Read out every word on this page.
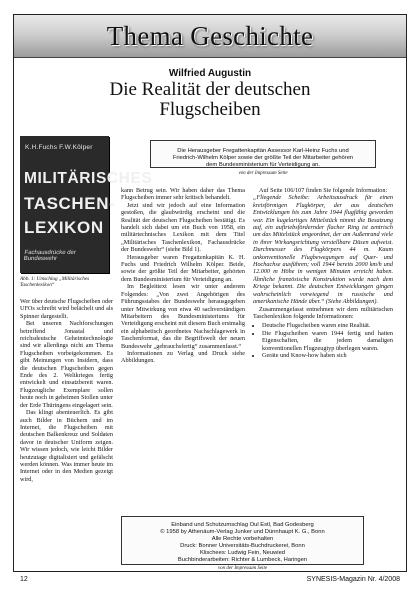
Thema Geschichte
Wilfried Augustin
Die Realität der deutschen
Flugscheiben
K.H.Fuchs F.W.Kölper
MILITÄRISCHES
TASCHEN-
LEXIKON
Fachausdrücke der Bundeswehr
Abb. 1: Umschlag „Militärisches Taschenlexikon“
Die Herausgeber Fregattenkapitän Assessor Karl-Heinz Fuchs und
Friedrich-Wilhelm Kölper sowie der größte Teil der Mitarbeiter gehören
dem Bundesministerium für Verteidigung an.
von der Impressum Seite

Wer über deutsche Flugscheiben oder UFOs schreibt wird belächelt und als Spinner dargestellt.

Bei unseren Nachforschungen betreffend Jonastal und reichsdeutsche Geheimtechnologie sind wir allerdings nicht am Thema Flugscheiben vorbeigekommen. Es gibt Meinungen von Insidern, dass die deutschen Flugscheiben gegen Ende des 2. Weltkrieges fertig entwickelt und einsatzbereit waren. Flugzeugliche Exemplare sollen heute noch in geheimen Stollen unter der Erde Thüringens eingelagert sein.

Das klingt abenteuerlich. Es gibt auch Bilder in Büchern und im Internet, die Flugscheiben mit deutschen Balkenkreuz und Soldaten davor in deutscher Uniform zeigen. Wir wissen jedoch, wie leicht Bilder heutzutage digitalisiert und gefälscht werden können. Was immer heute im Internet oder in den Medien gezeigt wird,

kann Betrug sein. Wir haben daher das Thema Flugscheiben immer sehr kritisch behandelt.

Jetzt sind wir jedoch auf eine Information gestoßen, die glaubwürdig erscheint und die Realität der deutschen Flugscheiben bestätigt. Es handelt sich dabei um ein Buch von 1958, ein militärtechnisches Lexikon mit dem Titel „Militärisches Taschenlexikon, Fachausdrücke der Bundeswehr“ (siehe Bild 1).

Herausgeber waren Fregattenkapitän K. H. Fuchs und Friedrich Wilhelm Kölper. Beide, sowie der größte Teil der Mitarbeiter, gehörten dem Bundesministerium für Verteidigung an.

Im Begleittext lesen wir unter anderem Folgendes: „Von zwei Angehörigen des Führungsstabes der Bundeswehr herausgegeben unter Mitwirkung von etwa 40 sachverständigen Mitarbeitern des Bundesministeriums für Verteidigung erscheint mit diesem Buch erstmalig ein alphabetisch geordnetes Nachschlagewerk in Taschenformat, das die Begriffswelt der neuen Bundeswehr „gebrauchsfertig“ zusammenfasst.“

Informationen zu Verlag und Druck siehe Abbildungen.

Auf Seite 106/107 finden Sie folgende Information:

„Fliegende Scheibe: Arbeitsausdruck für einen kreisförmigen Flugkörper, der aus deutschen Entwicklungen bis zum Jahre 1944 flugfähig geworden war. Ein kugelartiges Mittelstück nimmt die Besatzung auf, ein auftriebsfördernder flacher Ring ist zentrisch um das Mittelstück angeordnet, der am Außenrand viele in ihrer Wirkungsrichtung verstellbare Düsen aufweist. Durchmesser des Flugkörpers 44 m. Kaum unkonventionelle Flugbewegungen auf Quer- und Hochachse ausführen; voll 1944 bereits 2000 km/h und 12.000 m Höhe in wenigen Minuten erreicht haben. Ähnliche französische Konstruktion wurde nach dem Kriege bekannt. Die deutschen Entwicklungen gingen wahrscheinlich vorwiegend in russische und amerikanische Hände über.“ (Siehe Abbildungen).

Zusammengefasst entnehmen wir dem militärischen Taschenlexikon folgende Informationen:

• Deutsche Flugscheiben waren eine Realität.
• Die Flugscheiben waren 1944 fertig und hatten Eigenschaften, die jedem damaligen konventionellen Flugzeugtyp überlegen waren.
• Geräte und Know-how haben sich
Einband und Schutzumschlag Oul Estl, Bad Godesberg
© 1958 by Athenäum-Verlag Junker und Dünnhaupt K. G., Bonn
Alle Rechte vorbehalten
Druck: Bonner Universitäts-Buchdruckerei, Bonn
Klischees: Ludwig Fein, Neuwied
Buchbinderarbeiten: Richter & Lumbeck, Haringen
von der Impressum Seite
12	SYNESIS-Magazin Nr. 4/2008
